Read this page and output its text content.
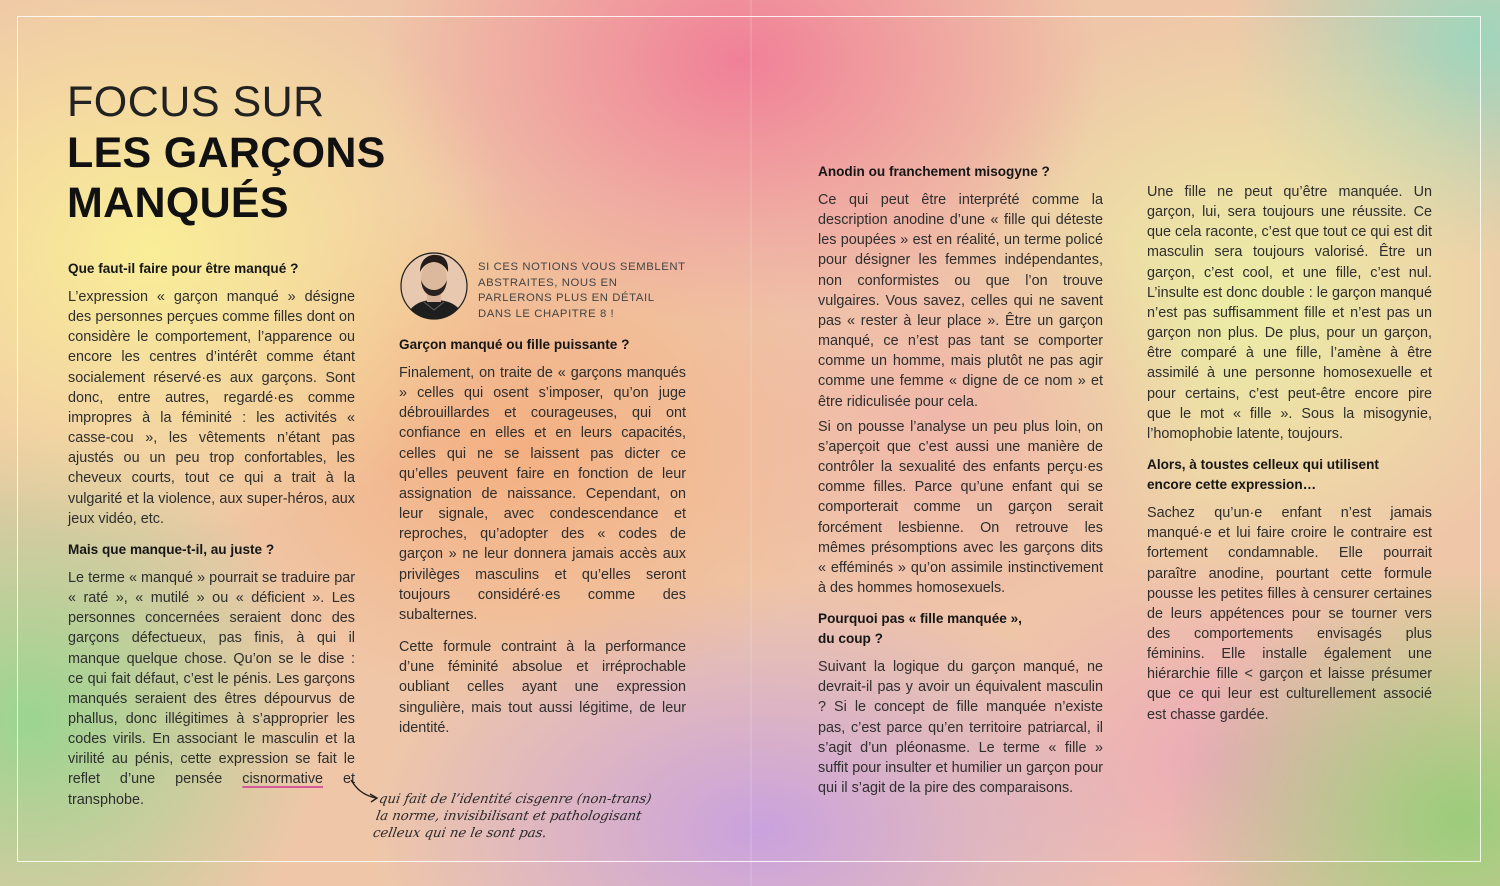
FOCUS SUR
LES GARÇONS
MANQUÉS
Que faut-il faire pour être manqué ?

L’expression « garçon manqué » désigne des personnes perçues comme filles dont on considère le comportement, l’apparence ou encore les centres d’intérêt comme étant socialement réservé·es aux garçons. Sont donc, entre autres, regardé·es comme impropres à la féminité : les activités « casse-cou », les vêtements n’étant pas ajustés ou un peu trop confortables, les cheveux courts, tout ce qui a trait à la vulgarité et la violence, aux super-héros, aux jeux vidéo, etc.

Mais que manque-t-il, au juste ?

Le terme « manqué » pourrait se traduire par « raté », « mutilé » ou « déficient ». Les personnes concernées seraient donc des garçons défectueux, pas finis, à qui il manque quelque chose. Qu’on se le dise : ce qui fait défaut, c’est le pénis. Les garçons manqués seraient des êtres dépourvus de phallus, donc illégitimes à s’approprier les codes virils. En associant le masculin et la virilité au pénis, cette expression se fait le reflet d’une pensée cisnormative et transphobe.	qui fait de l’identité cisgenre (non-trans)
la norme, invisibilisant et pathologisant
celleux qui ne le sont pas.
SI CES NOTIONS VOUS SEMBLENT
ABSTRAITES, NOUS EN
PARLERONS PLUS EN DÉTAIL
DANS LE CHAPITRE 8 !
Garçon manqué ou fille puissante ?

Finalement, on traite de « garçons manqués » celles qui osent s’imposer, qu’on juge débrouillardes et courageuses, qui ont confiance en elles et en leurs capacités, celles qui ne se laissent pas dicter ce qu’elles peuvent faire en fonction de leur assignation de naissance. Cependant, on leur signale, avec condescendance et reproches, qu’adopter des « codes de garçon » ne leur donnera jamais accès aux privilèges masculins et qu’elles seront toujours considéré·es comme des subalternes.

Cette formule contraint à la performance d’une féminité absolue et irréprochable oubliant celles ayant une expression singulière, mais tout aussi légitime, de leur identité.

Anodin ou franchement misogyne ?

Ce qui peut être interprété comme la description anodine d’une « fille qui déteste les poupées » est en réalité, un terme policé pour désigner les femmes indépendantes, non conformistes ou que l’on trouve vulgaires. Vous savez, celles qui ne savent pas « rester à leur place ». Être un garçon manqué, ce n’est pas tant se comporter comme un homme, mais plutôt ne pas agir comme une femme « digne de ce nom » et être ridiculisée pour cela.

Si on pousse l’analyse un peu plus loin, on s’aperçoit que c’est aussi une manière de contrôler la sexualité des enfants perçu·es comme filles. Parce qu’une enfant qui se comporterait comme un garçon serait forcément lesbienne. On retrouve les mêmes présomptions avec les garçons dits « efféminés » qu’on assimile instinctivement à des hommes homosexuels.

Pourquoi pas « fille manquée »,
du coup ?

Suivant la logique du garçon manqué, ne devrait-il pas y avoir un équivalent masculin ? Si le concept de fille manquée n’existe pas, c’est parce qu’en territoire patriarcal, il s’agit d’un pléonasme. Le terme « fille » suffit pour insulter et humilier un garçon pour qui il s’agit de la pire des comparaisons.

Une fille ne peut qu’être manquée. Un garçon, lui, sera toujours une réussite. Ce que cela raconte, c’est que tout ce qui est dit masculin sera toujours valorisé. Être un garçon, c’est cool, et une fille, c’est nul. L’insulte est donc double : le garçon manqué n’est pas suffisamment fille et n’est pas un garçon non plus. De plus, pour un garçon, être comparé à une fille, l’amène à être assimilé à une personne homosexuelle et pour certains, c’est peut-être encore pire que le mot « fille ». Sous la misogynie, l’homophobie latente, toujours.

Alors, à toustes celleux qui utilisent
encore cette expression…

Sachez qu’un·e enfant n’est jamais manqué·e et lui faire croire le contraire est fortement condamnable. Elle pourrait paraître anodine, pourtant cette formule pousse les petites filles à censurer certaines de leurs appétences pour se tourner vers des comportements envisagés plus féminins. Elle installe également une hiérarchie fille < garçon et laisse présumer que ce qui leur est culturellement associé est chasse gardée.
